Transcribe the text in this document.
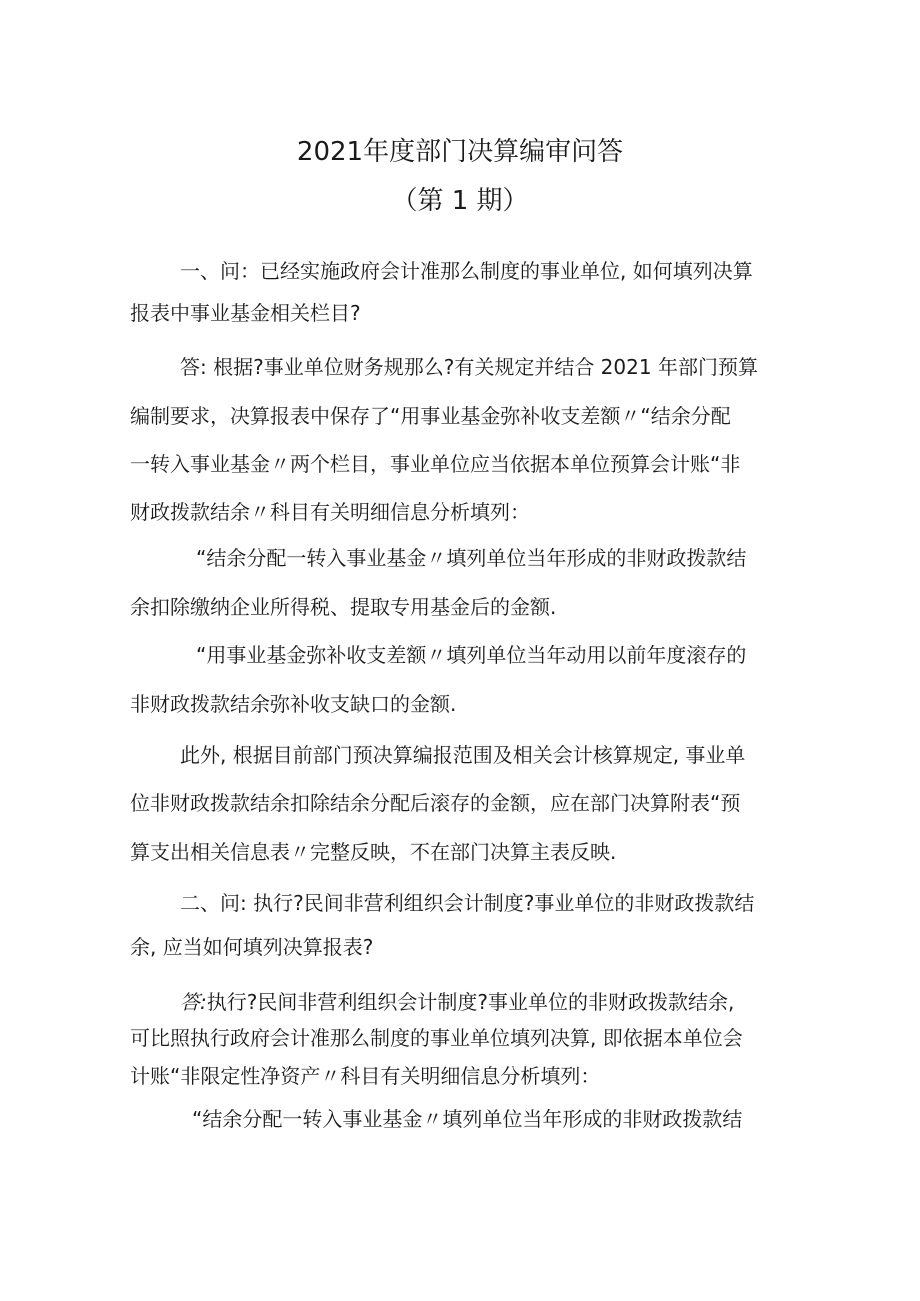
2021年度部门决算编审问答
（第 1 期）
一、问：已经实施政府会计准那么制度的事业单位, 如何填列决算
报表中事业基金相关栏目?
答: 根据?事业单位财务规那么?有关规定并结合 2021 年部门预算
编制要求，决算报表中保存了“用事业基金弥补收支差额〃“结余分配
一转入事业基金〃两个栏目，事业单位应当依据本单位预算会计账“非
财政拨款结余〃科目有关明细信息分析填列：
“结余分配一转入事业基金〃填列单位当年形成的非财政拨款结
余扣除缴纳企业所得税、提取专用基金后的金额.
“用事业基金弥补收支差额〃填列单位当年动用以前年度滚存的
非财政拨款结余弥补收支缺口的金额.
此外, 根据目前部门预决算编报范围及相关会计核算规定, 事业单
位非财政拨款结余扣除结余分配后滚存的金额，应在部门决算附表“预
算支出相关信息表〃完整反映，不在部门决算主表反映.
二、问: 执行?民间非营利组织会计制度?事业单位的非财政拨款结
余, 应当如何填列决算报表?
答:执行?民间非营利组织会计制度?事业单位的非财政拨款结余,
可比照执行政府会计准那么制度的事业单位填列决算, 即依据本单位会
计账“非限定性净资产〃科目有关明细信息分析填列：
“结余分配一转入事业基金〃填列单位当年形成的非财政拨款结
